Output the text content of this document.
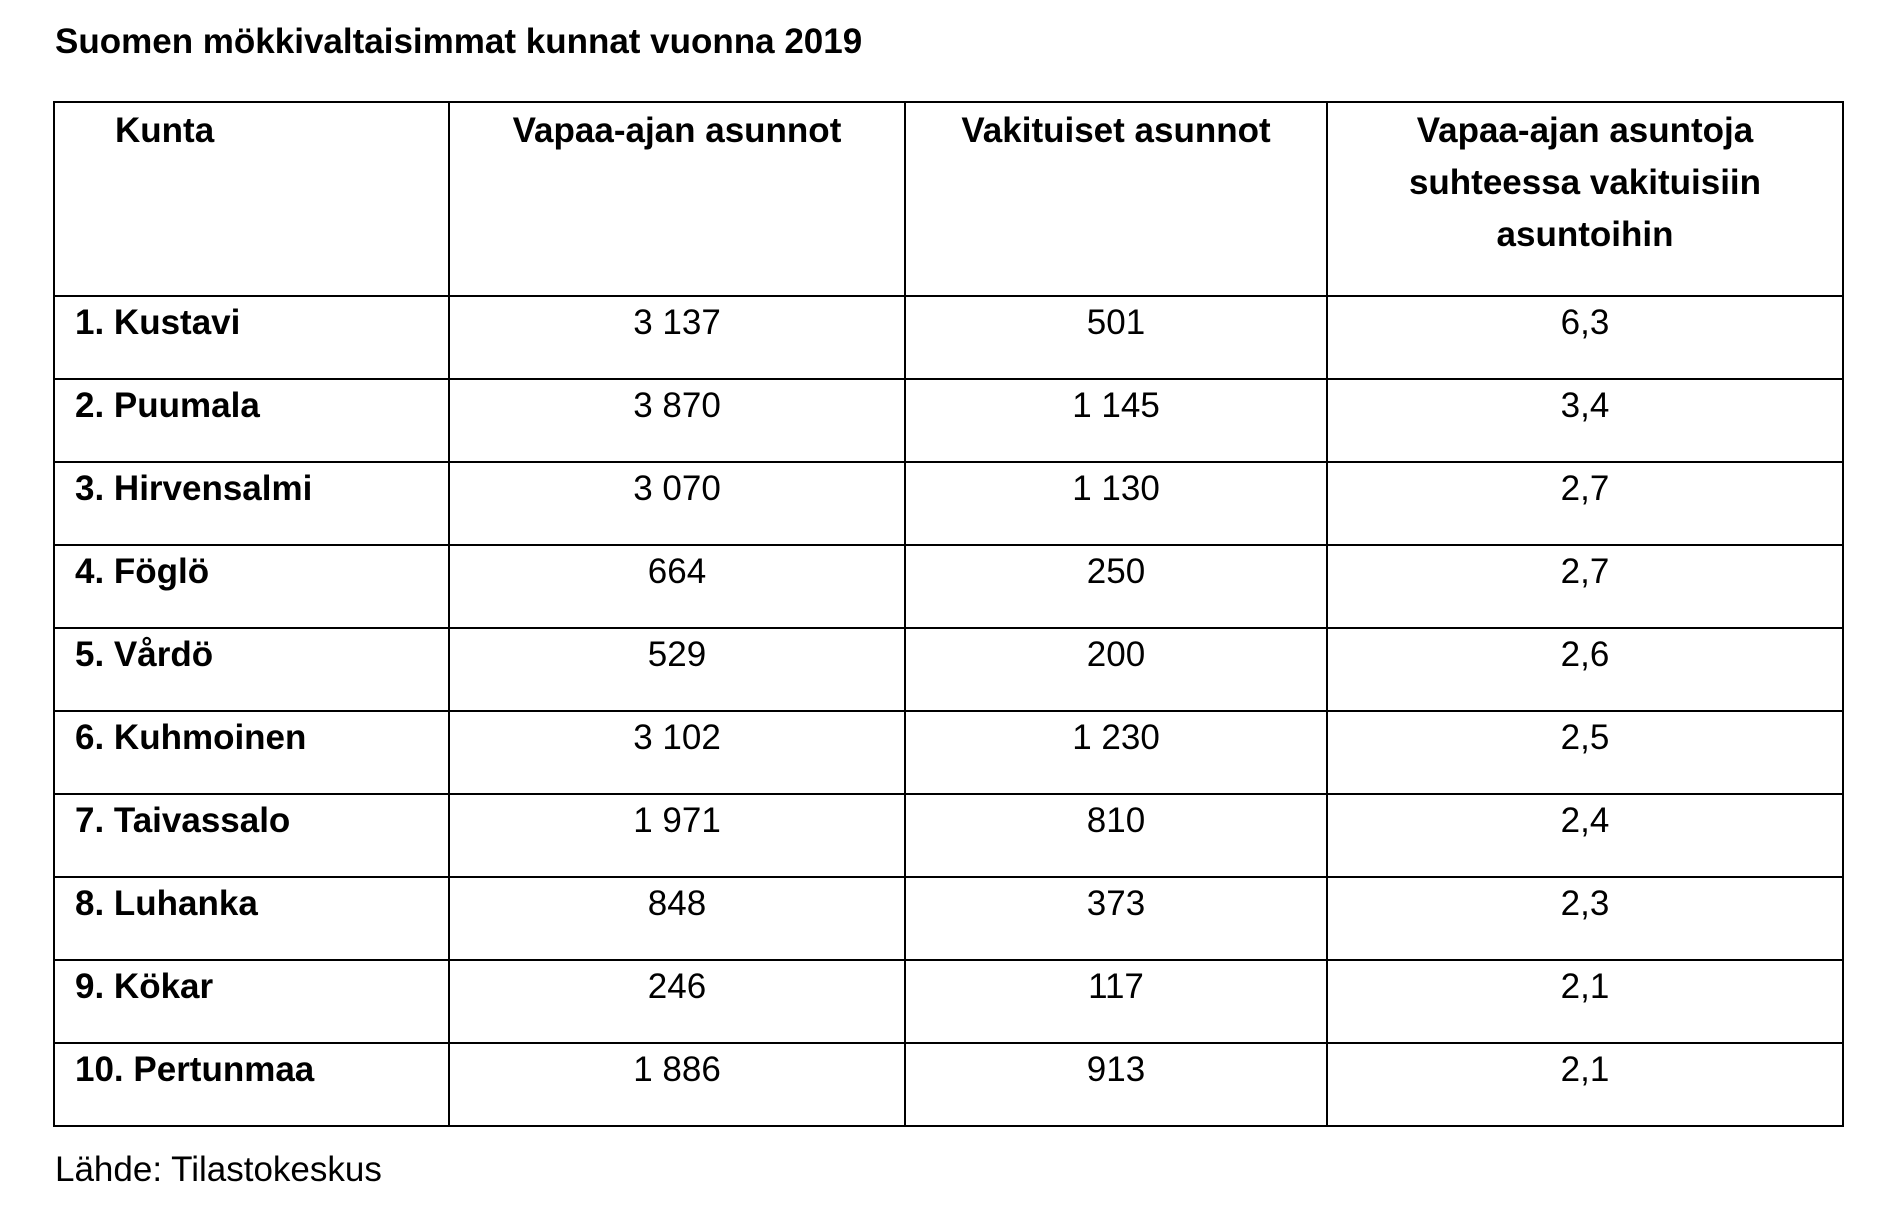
Suomen mökkivaltaisimmat kunnat vuonna 2019
Kunta	Vapaa-ajan asunnot	Vakituiset asunnot	Vapaa-ajan asuntoja suhteessa vakituisiin asuntoihin
1. Kustavi	3 137	501	6,3
2. Puumala	3 870	1 145	3,4
3. Hirvensalmi	3 070	1 130	2,7
4. Föglö	664	250	2,7
5. Vårdö	529	200	2,6
6. Kuhmoinen	3 102	1 230	2,5
7. Taivassalo	1 971	810	2,4
8. Luhanka	848	373	2,3
9. Kökar	246	117	2,1
10. Pertunmaa	1 886	913	2,1
Lähde: Tilastokeskus
